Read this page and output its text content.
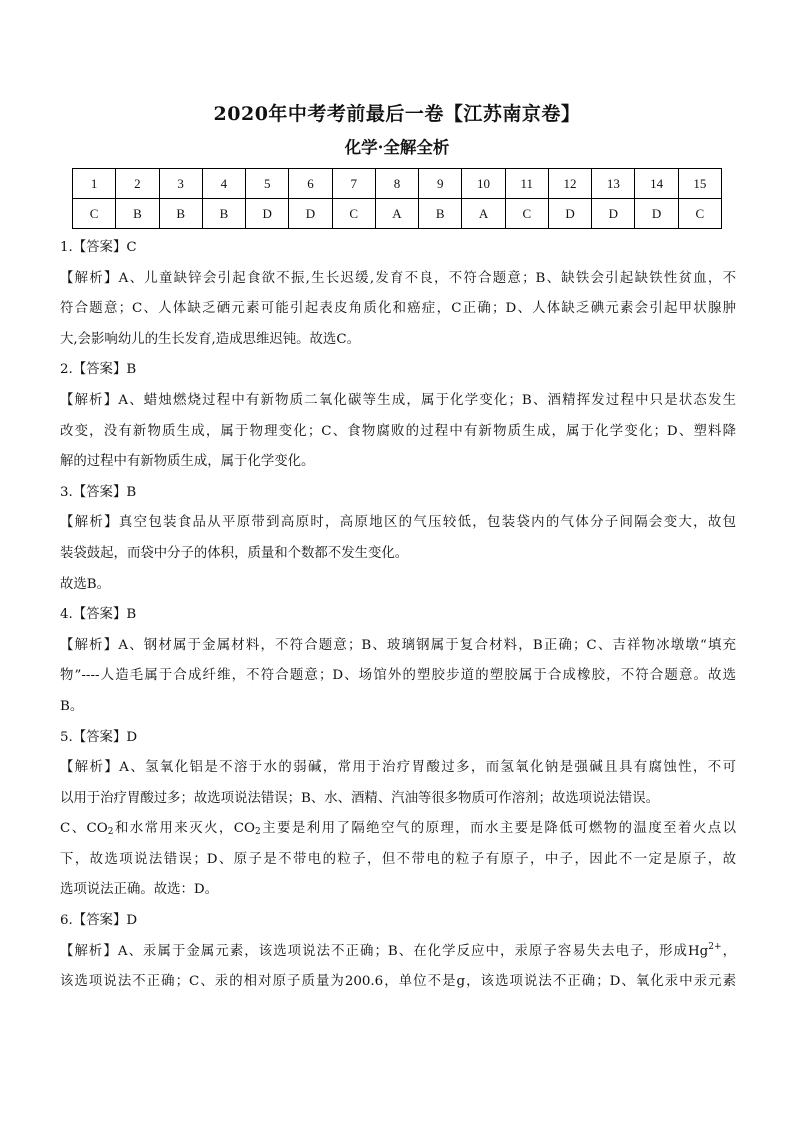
2020年中考考前最后一卷【江苏南京卷】
化学·全解全析
1	2	3	4	5	6	7	8	9	10	11	12	13	14	15
C	B	B	B	D	D	C	A	B	A	C	D	D	D	C

1.【答案】C

【解析】A、儿童缺锌会引起食欲不振,生长迟缓,发育不良，不符合题意；B、缺铁会引起缺铁性贫血，不

符合题意；C、人体缺乏硒元素可能引起表皮角质化和癌症，C正确；D、人体缺乏碘元素会引起甲状腺肿

大,会影响幼儿的生长发育,造成思维迟钝。故选C。

2.【答案】B

【解析】A、蜡烛燃烧过程中有新物质二氧化碳等生成，属于化学变化；B、酒精挥发过程中只是状态发生

改变，没有新物质生成，属于物理变化；C、食物腐败的过程中有新物质生成，属于化学变化；D、塑料降

解的过程中有新物质生成，属于化学变化。

3.【答案】B

【解析】真空包装食品从平原带到高原时，高原地区的气压较低，包装袋内的气体分子间隔会变大，故包

装袋鼓起，而袋中分子的体积，质量和个数都不发生变化。

故选B。

4.【答案】B

【解析】A、钢材属于金属材料，不符合题意；B、玻璃钢属于复合材料，B正确；C、吉祥物冰墩墩“填充

物”----人造毛属于合成纤维，不符合题意；D、场馆外的塑胶步道的塑胶属于合成橡胶，不符合题意。故选

B。

5.【答案】D

【解析】A、氢氧化铝是不溶于水的弱碱，常用于治疗胃酸过多，而氢氧化钠是强碱且具有腐蚀性，不可

以用于治疗胃酸过多；故选项说法错误；B、水、酒精、汽油等很多物质可作溶剂；故选项说法错误。

C、$CO_2$和水常用来灭火，$CO_2$主要是利用了隔绝空气的原理，而水主要是降低可燃物的温度至着火点以

下，故选项说法错误；D、原子是不带电的粒子，但不带电的粒子有原子，中子，因此不一定是原子，故

选项说法正确。故选：D。

6.【答案】D

【解析】A、汞属于金属元素，该选项说法不正确；B、在化学反应中，汞原子容易失去电子，形成$Hg^{2+}$，

该选项说法不正确；C、汞的相对原子质量为200.6，单位不是g，该选项说法不正确；D、氧化汞中汞元素
